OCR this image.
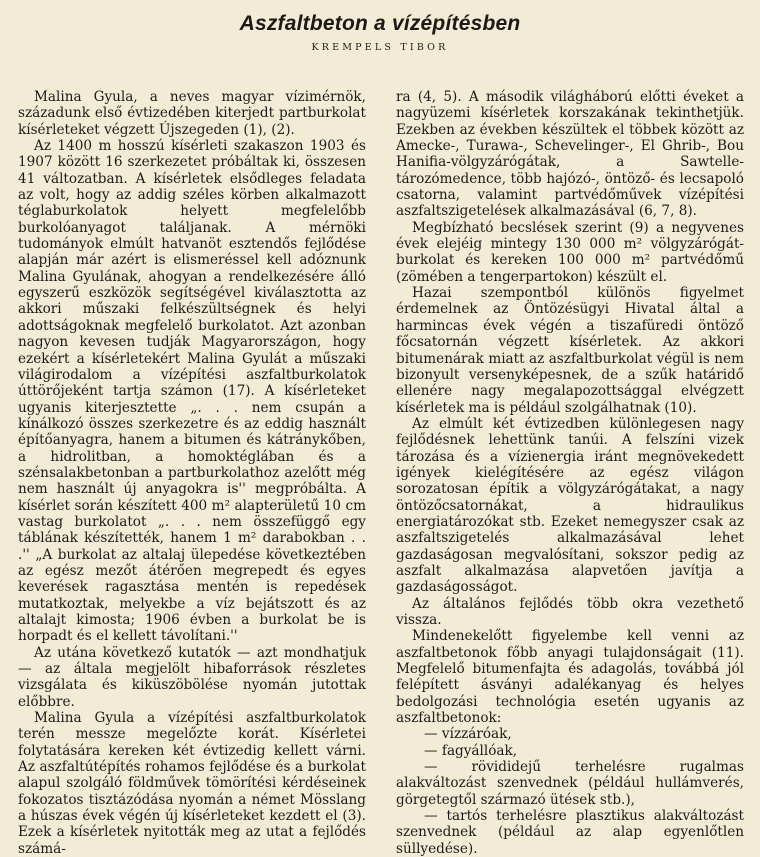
Aszfaltbeton a vízépítésben
KREMPELS TIBOR

Malina Gyula, a neves magyar vízimérnök, századunk első évtizedében kiterjedt partburkolat kísérleteket végzett Újszegeden (1), (2).

Az 1400 m hosszú kísérleti szakaszon 1903 és 1907 között 16 szerkezetet próbáltak ki, összesen 41 változatban. A kísérletek elsődleges feladata az volt, hogy az addig széles körben alkalmazott téglaburkolatok helyett megfelelőbb burkolóanyagot találjanak. A mérnöki tudományok elmúlt hatvanöt esztendős fejlődése alapján már azért is elismeréssel kell adóznunk Malina Gyulának, ahogyan a rendelkezésére álló egyszerű eszközök segítségével kiválasztotta az akkori műszaki felkészültségnek és helyi adottságoknak megfelelő burkolatot. Azt azonban nagyon kevesen tudják Magyarországon, hogy ezekért a kísérletekért Malina Gyulát a műszaki világirodalom a vízépítési aszfaltburkolatok úttörőjeként tartja számon (17). A kísérleteket ugyanis kiterjesztette „. . . nem csupán a kínálkozó összes szerkezetre és az eddig használt építőanyagra, hanem a bitumen és kátránykőben, a hidrolitban, a homoktéglában és a szénsalakbetonban a partburkolathoz azelőtt még nem használt új anyagokra is'' megpróbálta. A kísérlet során készített 400 m² alapterületű 10 cm vastag burkolatot „. . . nem összefüggő egy táblának készítették, hanem 1 m² darabokban . . .'' „A burkolat az altalaj ülepedése következtében az egész mezőt átérően megrepedt és egyes keverések ragasztása mentén is repedések mutatkoztak, melyekbe a víz bejátszott és az altalajt kimosta; 1906 évben a burkolat be is horpadt és el kellett távolítani.''

Az utána következő kutatók — azt mondhatjuk — az általa megjelölt hibaforrások részletes vizsgálata és kiküszöbölése nyomán jutottak előbbre.

Malina Gyula a vízépítési aszfaltburkolatok terén messze megelőzte korát. Kísérletei folytatására kereken két évtizedig kellett várni. Az aszfaltútépítés rohamos fejlődése és a burkolat alapul szolgáló földművek tömörítési kérdéseinek fokozatos tisztázódása nyomán a német Mösslang a húszas évek végén új kísérleteket kezdett el (3). Ezek a kísérletek nyitották meg az utat a fejlődés számá-

ra (4, 5). A második világháború előtti éveket a nagyüzemi kísérletek korszakának tekinthetjük. Ezekben az években készültek el többek között az Amecke-, Turawa-, Schevelinger-, El Ghrib-, Bou Hanifia-völgyzárógátak, a Sawtelle-tározómedence, több hajózó-, öntöző- és lecsapoló csatorna, valamint partvédőművek vízépítési aszfaltszigetelések alkalmazásával (6, 7, 8).

Megbízható becslések szerint (9) a negyvenes évek elejéig mintegy 130 000 m² völgyzárógát-burkolat és kereken 100 000 m² partvédőmű (zömében a tengerpartokon) készült el.

Hazai szempontból különös figyelmet érdemelnek az Öntözésügyi Hivatal által a harmincas évek végén a tiszafüredi öntöző főcsatornán végzett kísérletek. Az akkori bitumenárak miatt az aszfaltburkolat végül is nem bizonyult versenyképesnek, de a szűk határidő ellenére nagy megalapozottsággal elvégzett kísérletek ma is például szolgálhatnak (10).

Az elmúlt két évtizedben különlegesen nagy fejlődésnek lehettünk tanúi. A felszíni vizek tározása és a vízienergia iránt megnövekedett igények kielégítésére az egész világon sorozatosan építik a völgyzárógátakat, a nagy öntözőcsatornákat, a hidraulikus energiatározókat stb. Ezeket nemegyszer csak az aszfaltszigetelés alkalmazásával lehet gazdaságosan megvalósítani, sokszor pedig az aszfalt alkalmazása alapvetően javítja a gazdaságosságot.

Az általános fejlődés több okra vezethető vissza.

Mindenekelőtt figyelembe kell venni az aszfaltbetonok főbb anyagi tulajdonságait (11). Megfelelő bitumenfajta és adagolás, továbbá jól felépített ásványi adalékanyag és helyes bedolgozási technológia esetén ugyanis az aszfaltbetonok:

— vízzáróak,

— fagyállóak,

— rövididejű terhelésre rugalmas alakváltozást szenvednek (például hullámverés, görgetegtől származó ütések stb.),

— tartós terhelésre plasztikus alakváltozást szenvednek (például az alap egyenlőtlen süllyedése).
